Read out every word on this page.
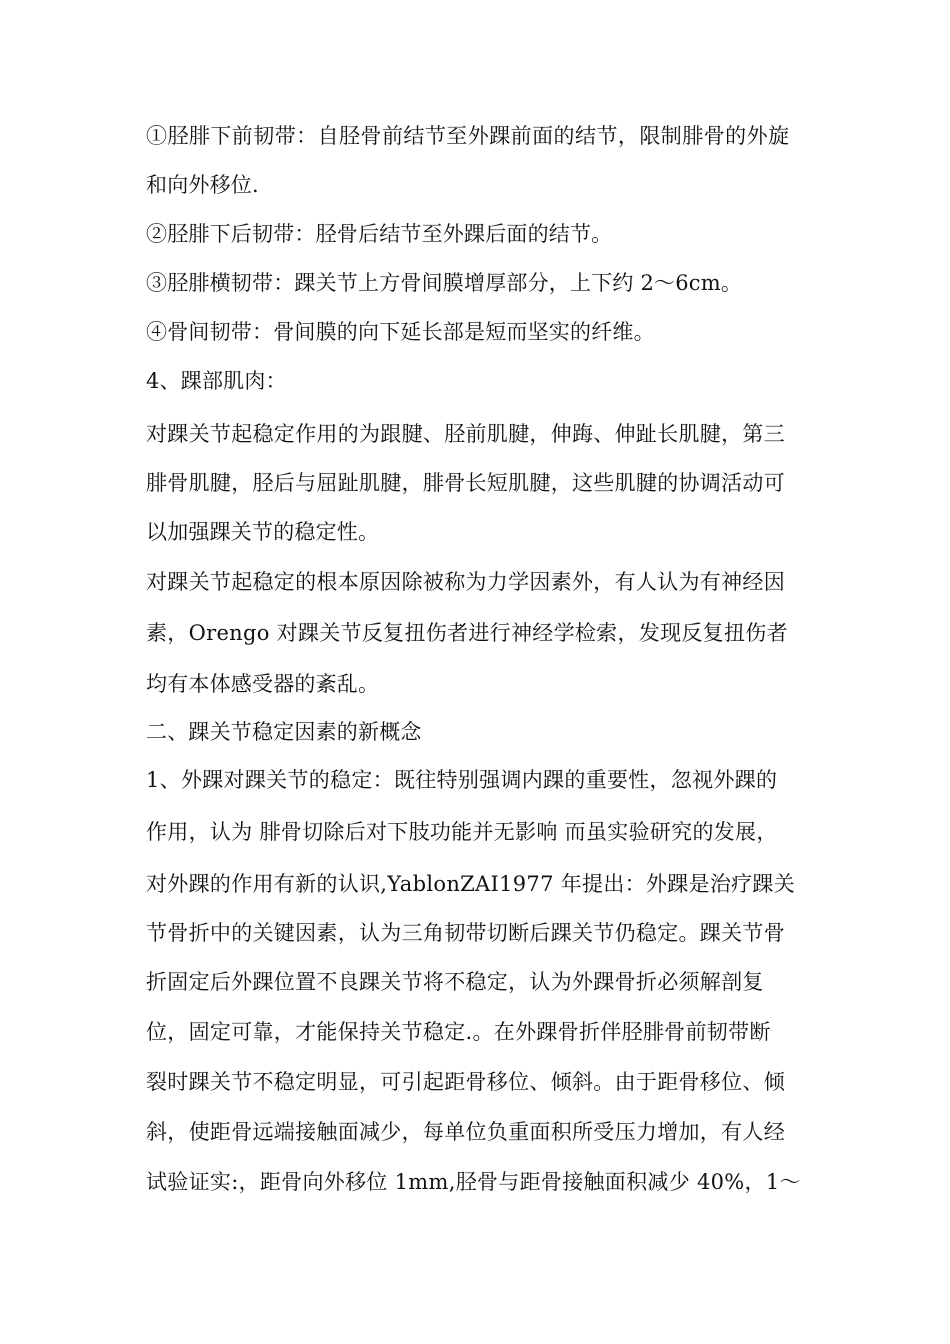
①胫腓下前韧带：自胫骨前结节至外踝前面的结节，限制腓骨的外旋
和向外移位.
②胫腓下后韧带：胫骨后结节至外踝后面的结节。
③胫腓横韧带：踝关节上方骨间膜增厚部分，上下约 2～6cm。
④骨间韧带：骨间膜的向下延长部是短而坚实的纤维。
4、踝部肌肉：
对踝关节起稳定作用的为跟腱、胫前肌腱，伸踇、伸趾长肌腱，第三
腓骨肌腱，胫后与屈趾肌腱，腓骨长短肌腱，这些肌腱的协调活动可
以加强踝关节的稳定性。
对踝关节起稳定的根本原因除被称为力学因素外，有人认为有神经因
素，Orengo 对踝关节反复扭伤者进行神经学检索，发现反复扭伤者
均有本体感受器的紊乱。
二、踝关节稳定因素的新概念
1、外踝对踝关节的稳定：既往特别强调内踝的重要性，忽视外踝的
作用，认为 腓骨切除后对下肢功能并无影响 而虽实验研究的发展，
对外踝的作用有新的认识,YablonZAI1977 年提出：外踝是治疗踝关
节骨折中的关键因素，认为三角韧带切断后踝关节仍稳定。踝关节骨
折固定后外踝位置不良踝关节将不稳定，认为外踝骨折必须解剖复
位，固定可靠，才能保持关节稳定.。在外踝骨折伴胫腓骨前韧带断
裂时踝关节不稳定明显，可引起距骨移位、倾斜。由于距骨移位、倾
斜，使距骨远端接触面减少，每单位负重面积所受压力增加，有人经
试验证实:，距骨向外移位 1mm,胫骨与距骨接触面积减少 40%，1～
